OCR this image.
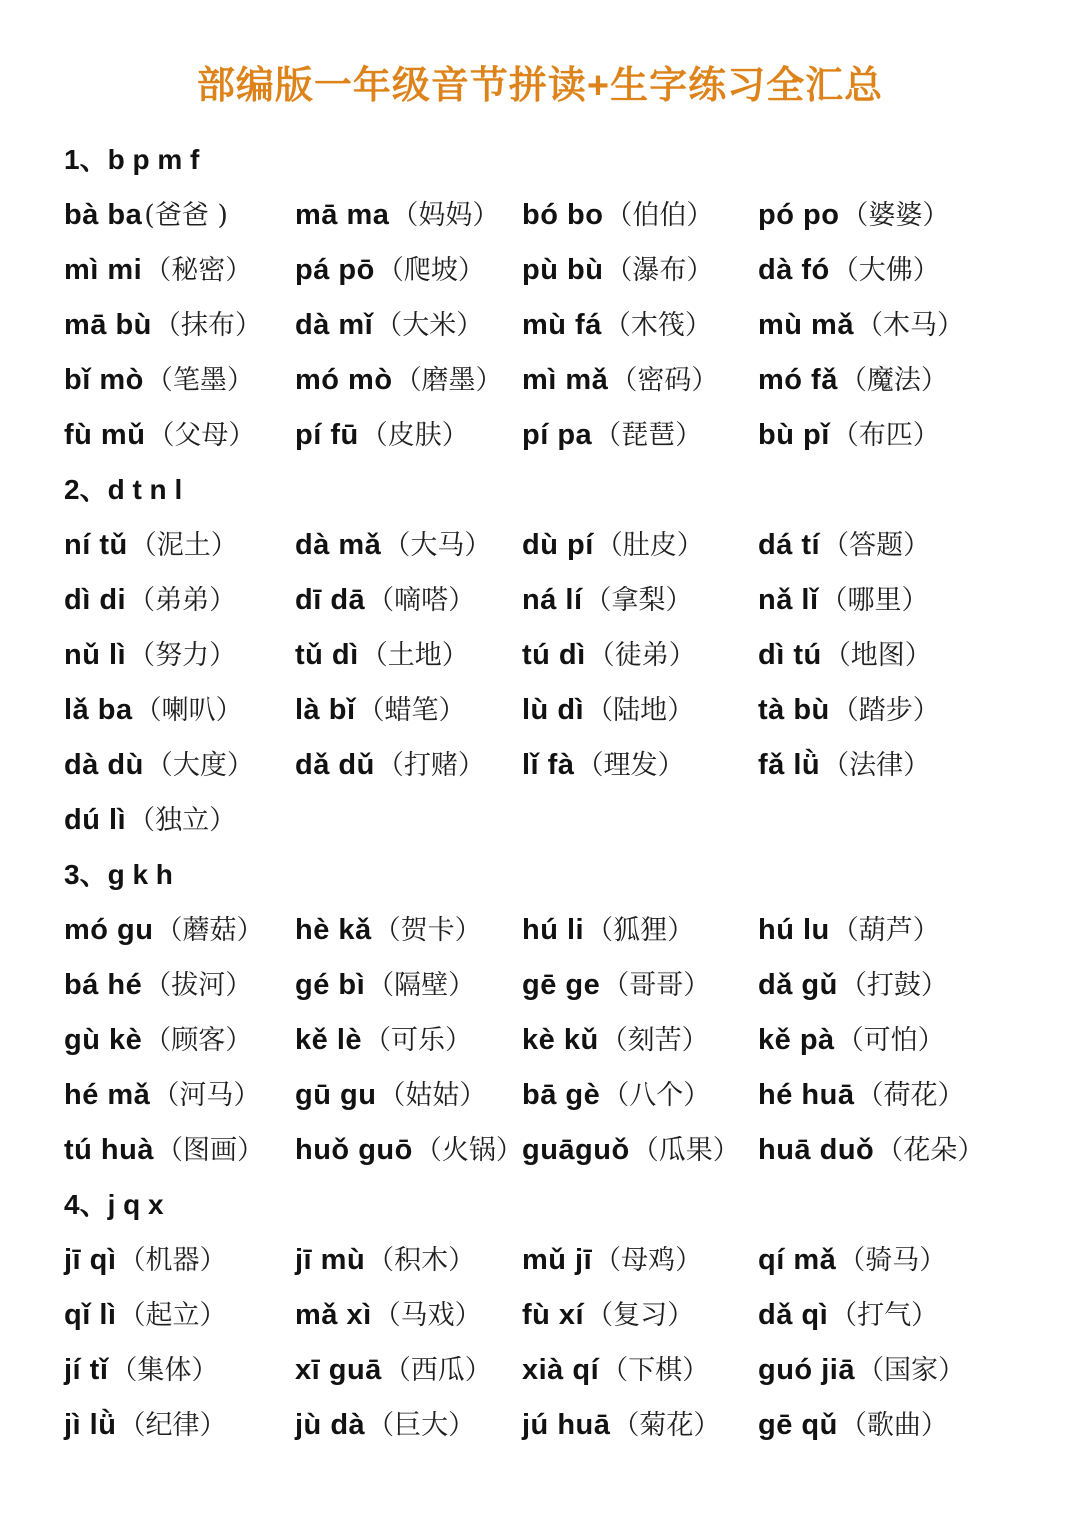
部编版一年级音节拼读+生字练习全汇总
1、b p m f
bà ba(爸爸 )	mā ma（妈妈） bó bo（伯伯）	pó po（婆婆）
mì mi（秘密）	pá pō（爬坡）	pù bù（瀑布）	dà fó（大佛）
mā bù（抹布）	dà mǐ（大米）	mù fá（木筏）	mù mǎ（木马）
bǐ mò（笔墨）	mó mò（磨墨） mì mǎ（密码）	mó fǎ（魔法）
fù mǔ（父母）	pí fū（皮肤）	pí pa（琵琶）	bù pǐ（布匹）
2、d t n l
ní tǔ（泥土）	dà mǎ（大马）	dù pí（肚皮）	dá tí（答题）
dì di（弟弟）	dī dā（嘀嗒）	ná lí（拿梨）	nǎ lǐ（哪里）
nǔ lì（努力）	tǔ dì（土地）	tú dì（徒弟）	dì tú（地图）
lǎ ba（喇叭）	là bǐ（蜡笔）	lù dì（陆地）	tà bù（踏步）
dà dù（大度）	dǎ dǔ（打赌）	lǐ fà（理发）	fǎ lǜ（法律）
dú lì（独立）
3、g k h
mó gu（蘑菇）	hè kǎ（贺卡）	hú li（狐狸）	hú lu（葫芦）
bá hé（拔河）	gé bì（隔壁）	gē ge（哥哥）	dǎ gǔ（打鼓）
gù kè（顾客）	kě lè（可乐）	kè kǔ（刻苦）	kě pà（可怕）
hé mǎ（河马）	gū gu（姑姑）	bā gè（八个）	hé huā（荷花）
tú huà（图画）	huǒ guō（火锅） guāguǒ（瓜果） huā duǒ（花朵）
4、j q x
jī qì（机器）	jī mù（积木）	mǔ jī（母鸡）	qí mǎ（骑马）
qǐ lì（起立）	mǎ xì（马戏）	fù xí（复习）	dǎ qì（打气）
jí tǐ（集体）	xī guā（西瓜）	xià qí（下棋）	guó jiā（国家）
jì lǜ（纪律）	jù dà（巨大）	jú huā（菊花）	gē qǔ（歌曲）
